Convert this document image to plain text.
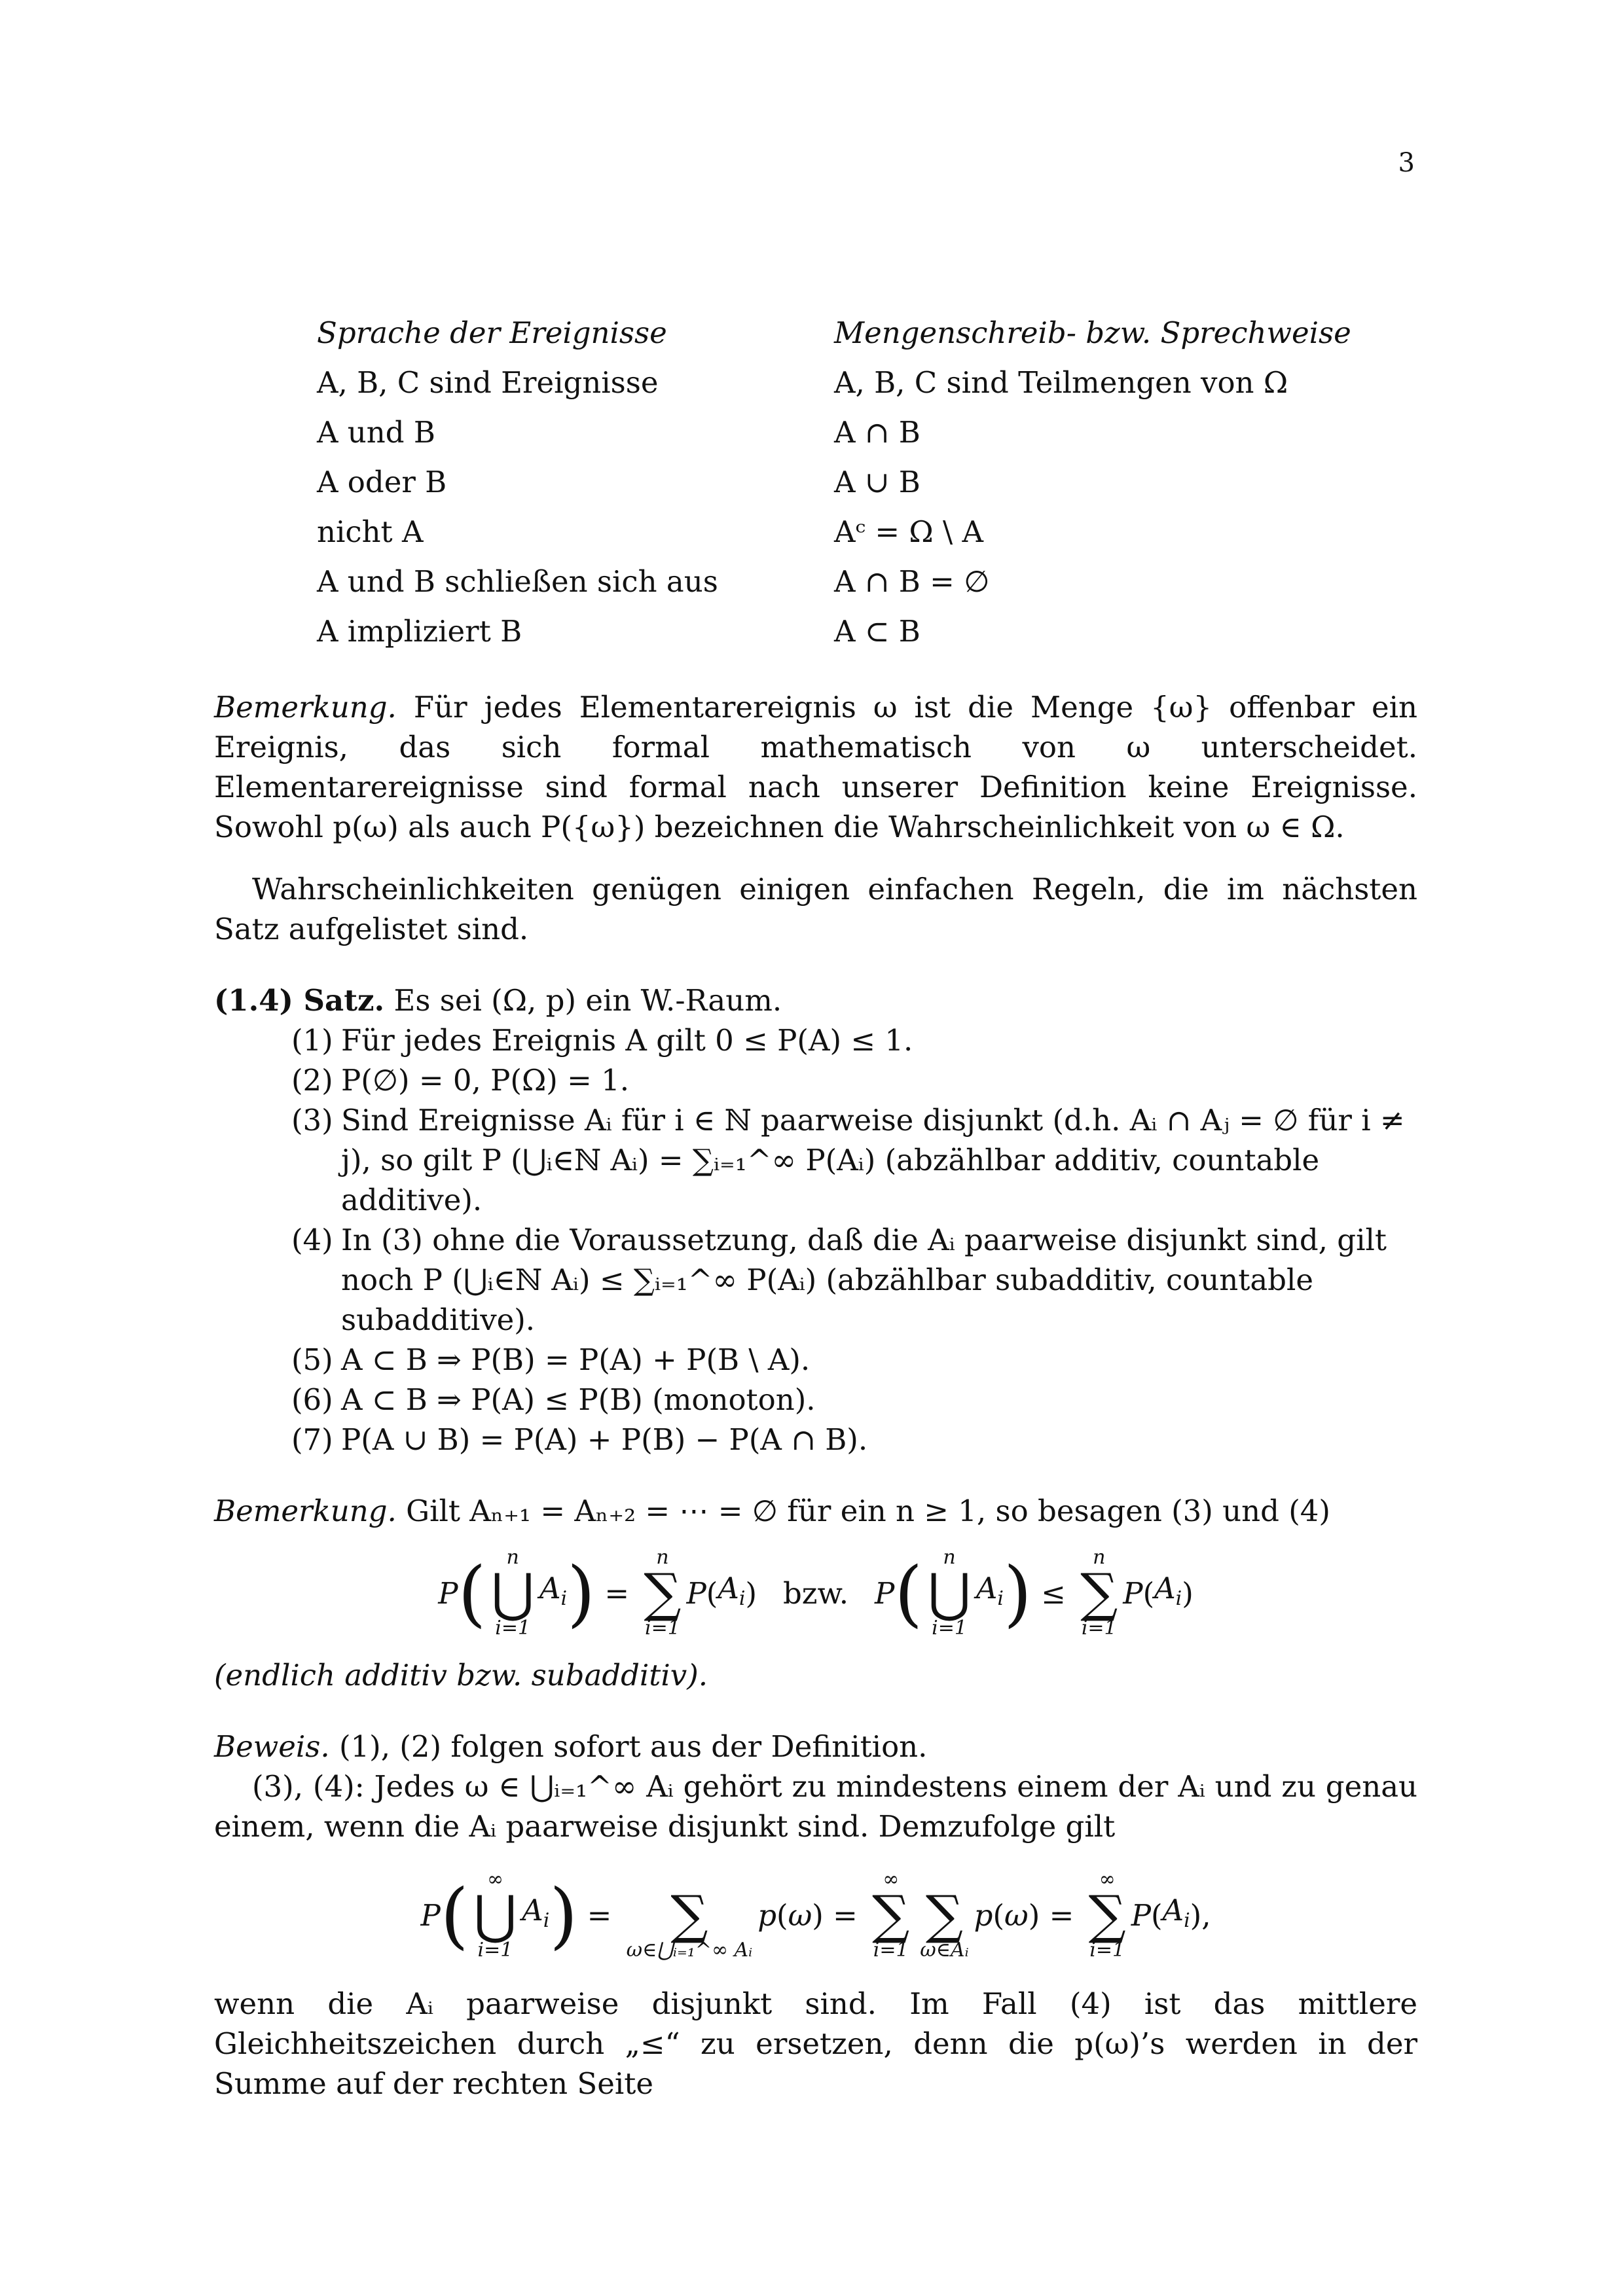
3
Sprache der Ereignisse	Mengenschreib- bzw. Sprechweise
A, B, C sind Ereignisse	A, B, C sind Teilmengen von Ω
A und B	A ∩ B
A oder B	A ∪ B
nicht A	Aᶜ = Ω \ A
A und B schließen sich aus	A ∩ B = ∅
A impliziert B	A ⊂ B

Bemerkung. Für jedes Elementarereignis ω ist die Menge {ω} offenbar ein Ereignis, das sich formal mathematisch von ω unterscheidet. Elementarereignisse sind formal nach unserer Definition keine Ereignisse. Sowohl p(ω) als auch P({ω}) bezeichnen die Wahrscheinlichkeit von ω ∈ Ω.

Wahrscheinlichkeiten genügen einigen einfachen Regeln, die im nächsten Satz aufgelistet sind.

(1.4) Satz. Es sei (Ω, p) ein W.-Raum.

(1) Für jedes Ereignis A gilt 0 ≤ P(A) ≤ 1.
(2) P(∅) = 0, P(Ω) = 1.
(3) Sind Ereignisse Aᵢ für i ∈ ℕ paarweise disjunkt (d.h. Aᵢ ∩ Aⱼ = ∅ für i ≠ j), so gilt P (⋃ᵢ∈ℕ Aᵢ) = ∑ᵢ₌₁^∞ P(Aᵢ) (abzählbar additiv, countable additive).
(4) In (3) ohne die Voraussetzung, daß die Aᵢ paarweise disjunkt sind, gilt noch P (⋃ᵢ∈ℕ Aᵢ) ≤ ∑ᵢ₌₁^∞ P(Aᵢ) (abzählbar subadditiv, countable subadditive).
(5) A ⊂ B ⇒ P(B) = P(A) + P(B \ A).
(6) A ⊂ B ⇒ P(A) ≤ P(B) (monoton).
(7) P(A ∪ B) = P(A) + P(B) − P(A ∩ B).

Bemerkung. Gilt Aₙ₊₁ = Aₙ₊₂ = ⋯ = ∅ für ein n ≥ 1, so besagen (3) und (4)

P ( n
⋃
i=1
$A_i$ ) =
n
∑
i=1
P ( $A_i$ ) bzw. P ( n
⋃
i=1
$A_i$ ) ≤
n
∑
i=1
P ( $A_i$ )

(endlich additiv bzw. subadditiv).

Beweis. (1), (2) folgen sofort aus der Definition.

(3), (4): Jedes ω ∈ ⋃ᵢ₌₁^∞ Aᵢ gehört zu mindestens einem der Aᵢ und zu genau einem, wenn die Aᵢ paarweise disjunkt sind. Demzufolge gilt

P ( ∞
⋃
i=1
$A_i$ ) =
∑
ω∈⋃ᵢ₌₁^∞ Aᵢ
p ( ω ) =
∞
∑
i=1

∑
ω∈Aᵢ
p ( ω ) =
∞
∑
i=1
P ( $A_i$ ),

wenn die Aᵢ paarweise disjunkt sind. Im Fall (4) ist das mittlere Gleichheitszeichen durch „≤“ zu ersetzen, denn die p(ω)’s werden in der Summe auf der rechten Seite
